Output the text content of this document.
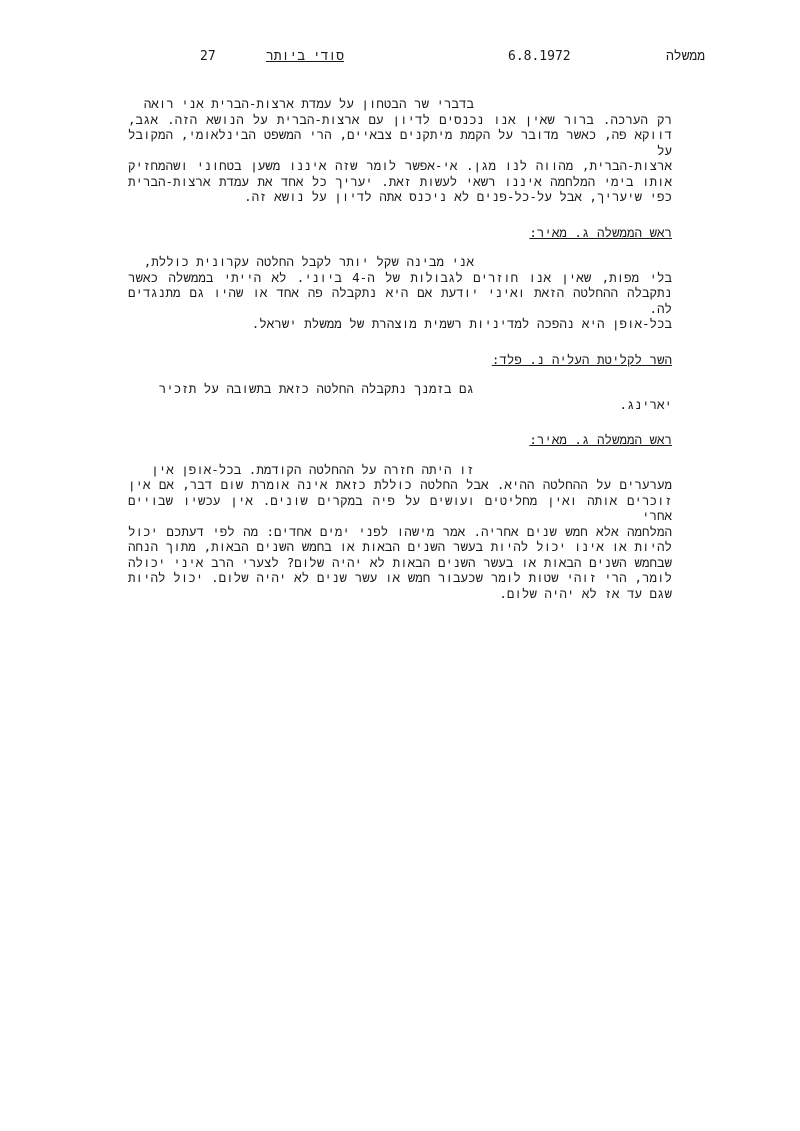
ממשלה
6.8.1972
סודי ביותר
27
בדברי שר הבטחון על עמדת ארצות-הברית אני רואה
רק הערכה. ברור שאין אנו נכנסים לדיון עם ארצות-הברית על הנושא הזה. אגב,
דווקא פה, כאשר מדובר על הקמת מיתקנים צבאיים, הרי המשפט הבינלאומי, המקובל על
ארצות-הברית, מהווה לנו מגן. אי-אפשר לומר שזה איננו משען בטחוני ושהמחזיק
אותו בימי המלחמה איננו רשאי לעשות זאת. יעריך כל אחד את עמדת ארצות-הברית
כפי שיעריך, אבל על-כל-פנים לא ניכנס אתה לדיון על נושא זה.
ראש הממשלה ג. מאיר:
אני מבינה שקל יותר לקבל החלטה עקרונית כוללת,
בלי מפות, שאין אנו חוזרים לגבולות של ה-4 ביוני. לא הייתי בממשלה כאשר
נתקבלה ההחלטה הזאת ואיני יודעת אם היא נתקבלה פה אחד או שהיו גם מתנגדים לה.
בכל-אופן היא נהפכה למדיניות רשמית מוצהרת של ממשלת ישראל.
השר לקליטת העליה נ. פלד:
גם בזמנך נתקבלה החלטה כזאת בתשובה על תזכיר
יארינג.
ראש הממשלה ג. מאיר:
זו היתה חזרה על ההחלטה הקודמת. בכל-אופן אין
מערערים על ההחלטה ההיא. אבל החלטה כוללת כזאת אינה אומרת שום דבר, אם אין
זוכרים אותה ואין מחליטים ועושים על פיה במקרים שונים. אין עכשיו שבויים אחרי
המלחמה אלא חמש שנים אחריה. אמר מישהו לפני ימים אחדים: מה לפי דעתכם יכול
להיות או אינו יכול להיות בעשר השנים הבאות או בחמש השנים הבאות, מתוך הנחה
שבחמש השנים הבאות או בעשר השנים הבאות לא יהיה שלום? לצערי הרב איני יכולה
לומר, הרי זוהי שטות לומר שכעבור חמש או עשר שנים לא יהיה שלום. יכול להיות
שגם עד אז לא יהיה שלום.
